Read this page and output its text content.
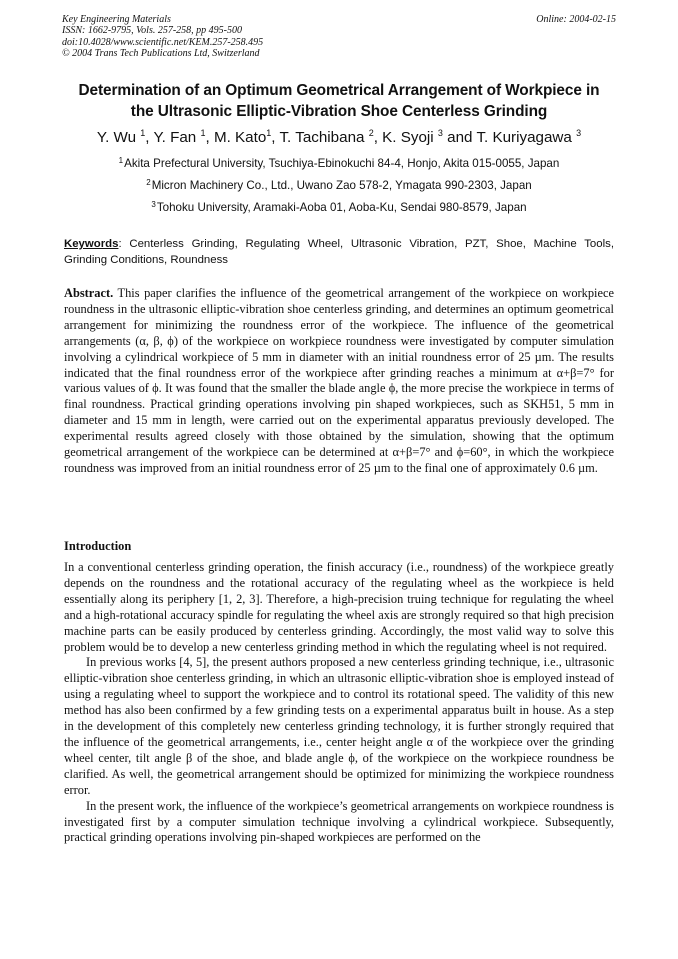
Key Engineering Materials
ISSN: 1662-9795, Vols. 257-258, pp 495-500
doi:10.4028/www.scientific.net/KEM.257-258.495
© 2004 Trans Tech Publications Ltd, Switzerland
Online: 2004-02-15
Determination of an Optimum Geometrical Arrangement of Workpiece in
the Ultrasonic Elliptic-Vibration Shoe Centerless Grinding
Y. Wu $^1$, Y. Fan $^1$, M. Kato$^1$, T. Tachibana $^2$, K. Syoji $^3$ and T. Kuriyagawa $^3$
$^1$Akita Prefectural University, Tsuchiya-Ebinokuchi 84-4, Honjo, Akita 015-0055, Japan
$^2$Micron Machinery Co., Ltd., Uwano Zao 578-2, Ymagata 990-2303, Japan
$^3$Tohoku University, Aramaki-Aoba 01, Aoba-Ku, Sendai 980-8579, Japan
Keywords: Centerless Grinding, Regulating Wheel, Ultrasonic Vibration, PZT, Shoe, Machine Tools, Grinding Conditions, Roundness

Abstract. This paper clarifies the influence of the geometrical arrangement of the workpiece on workpiece roundness in the ultrasonic elliptic-vibration shoe centerless grinding, and determines an optimum geometrical arrangement for minimizing the roundness error of the workpiece. The influence of the geometrical arrangements (α, β, ϕ) of the workpiece on workpiece roundness were investigated by computer simulation involving a cylindrical workpiece of 5 mm in diameter with an initial roundness error of 25 µm. The results indicated that the final roundness error of the workpiece after grinding reaches a minimum at α+β=7° for various values of ϕ. It was found that the smaller the blade angle ϕ, the more precise the workpiece in terms of final roundness. Practical grinding operations involving pin shaped workpieces, such as SKH51, 5 mm in diameter and 15 mm in length, were carried out on the experimental apparatus previously developed. The experimental results agreed closely with those obtained by the simulation, showing that the optimum geometrical arrangement of the workpiece can be determined at α+β=7° and ϕ=60°, in which the workpiece roundness was improved from an initial roundness error of 25 µm to the final one of approximately 0.6 µm.

Introduction

In a conventional centerless grinding operation, the finish accuracy (i.e., roundness) of the workpiece greatly depends on the roundness and the rotational accuracy of the regulating wheel as the workpiece is held essentially along its periphery [1, 2, 3]. Therefore, a high-precision truing technique for regulating the wheel and a high-rotational accuracy spindle for regulating the wheel axis are strongly required so that high precision machine parts can be easily produced by centerless grinding. Accordingly, the most valid way to solve this problem would be to develop a new centerless grinding method in which the regulating wheel is not required.

In previous works [4, 5], the present authors proposed a new centerless grinding technique, i.e., ultrasonic elliptic-vibration shoe centerless grinding, in which an ultrasonic elliptic-vibration shoe is employed instead of using a regulating wheel to support the workpiece and to control its rotational speed. The validity of this new method has also been confirmed by a few grinding tests on a experimental apparatus built in house. As a step in the development of this completely new centerless grinding technology, it is further strongly required that the influence of the geometrical arrangements, i.e., center height angle α of the workpiece over the grinding wheel center, tilt angle β of the shoe, and blade angle ϕ, of the workpiece on the workpiece roundness be clarified. As well, the geometrical arrangement should be optimized for minimizing the workpiece roundness error.

In the present work, the influence of the workpiece’s geometrical arrangements on workpiece roundness is investigated first by a computer simulation technique involving a cylindrical workpiece. Subsequently, practical grinding operations involving pin-shaped workpieces are performed on the
